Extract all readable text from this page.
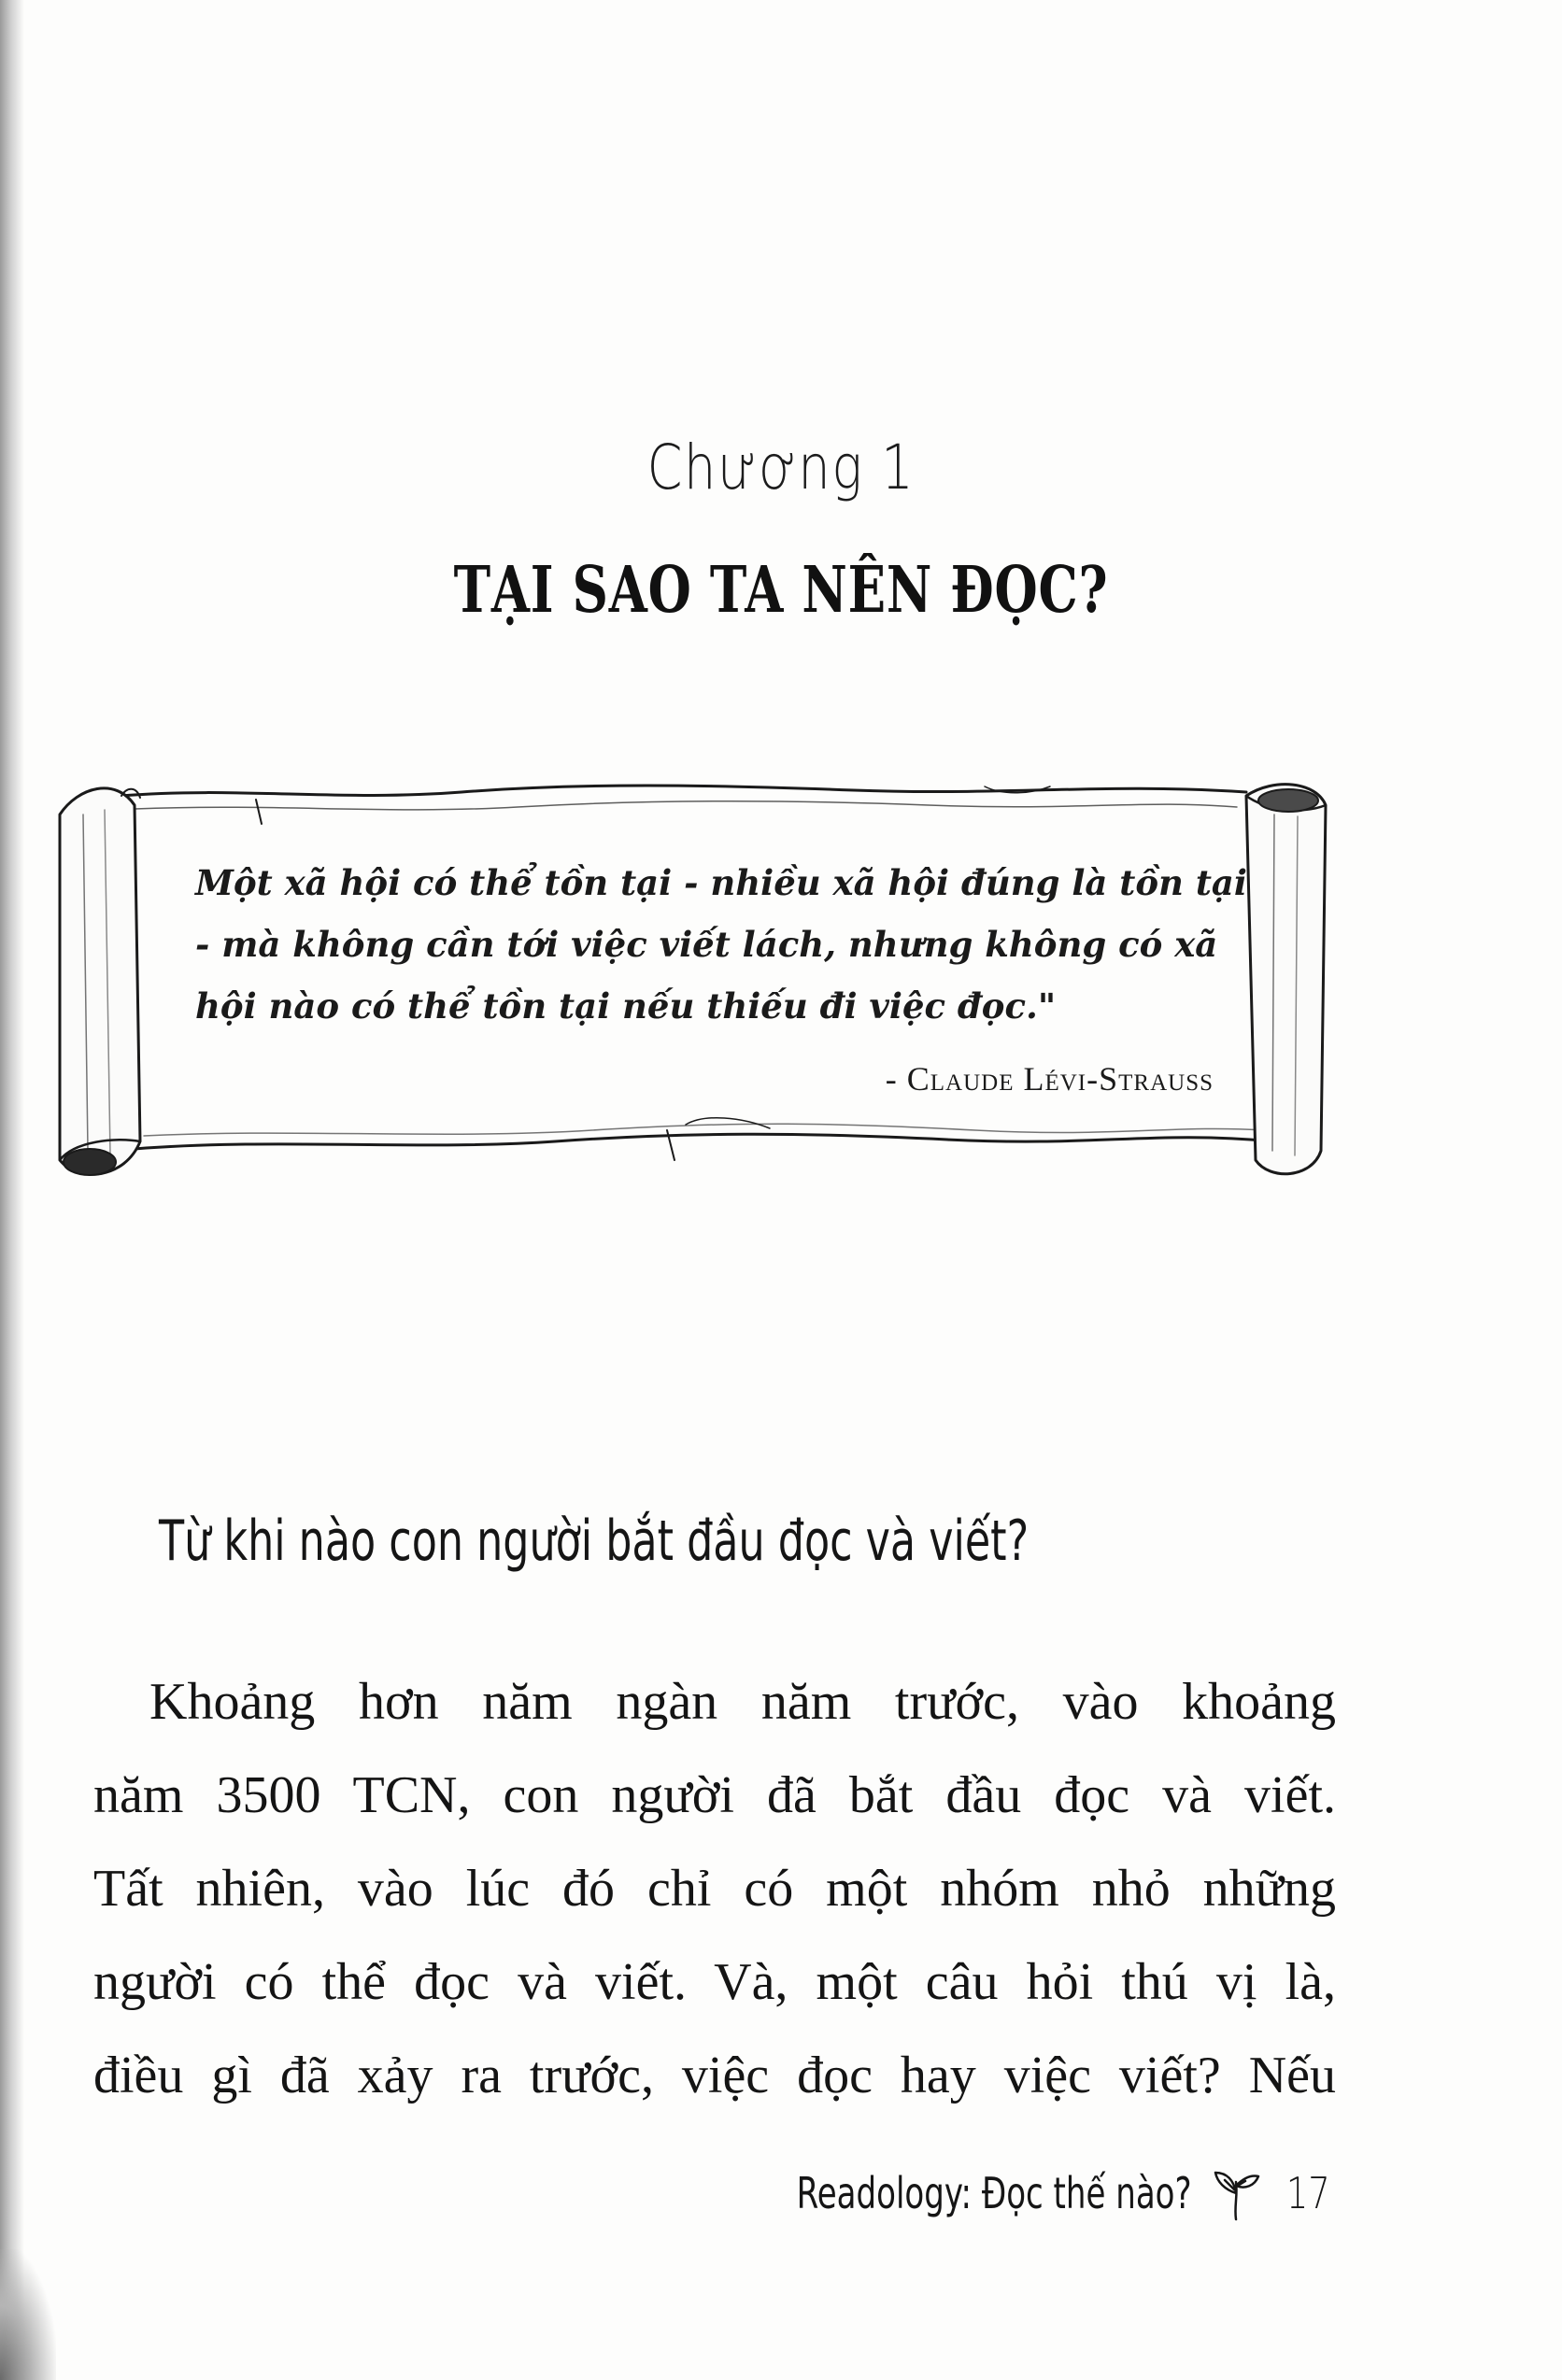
Chương 1
TẠI SAO TA NÊN ĐỌC?

Một xã hội có thể tồn tại - nhiều xã hội đúng là tồn tại - mà không cần tới việc viết lách, nhưng không có xã hội nào có thể tồn tại nếu thiếu đi việc đọc."

- Claude Lévi-Strauss
Từ khi nào con người bắt đầu đọc và viết?
Khoảng hơn năm ngàn năm trước, vào khoảng
năm 3500 TCN, con người đã bắt đầu đọc và viết.
Tất nhiên, vào lúc đó chỉ có một nhóm nhỏ những
người có thể đọc và viết. Và, một câu hỏi thú vị là,
điều gì đã xảy ra trước, việc đọc hay việc viết? Nếu
Readology: Đọc thế nào? 17
